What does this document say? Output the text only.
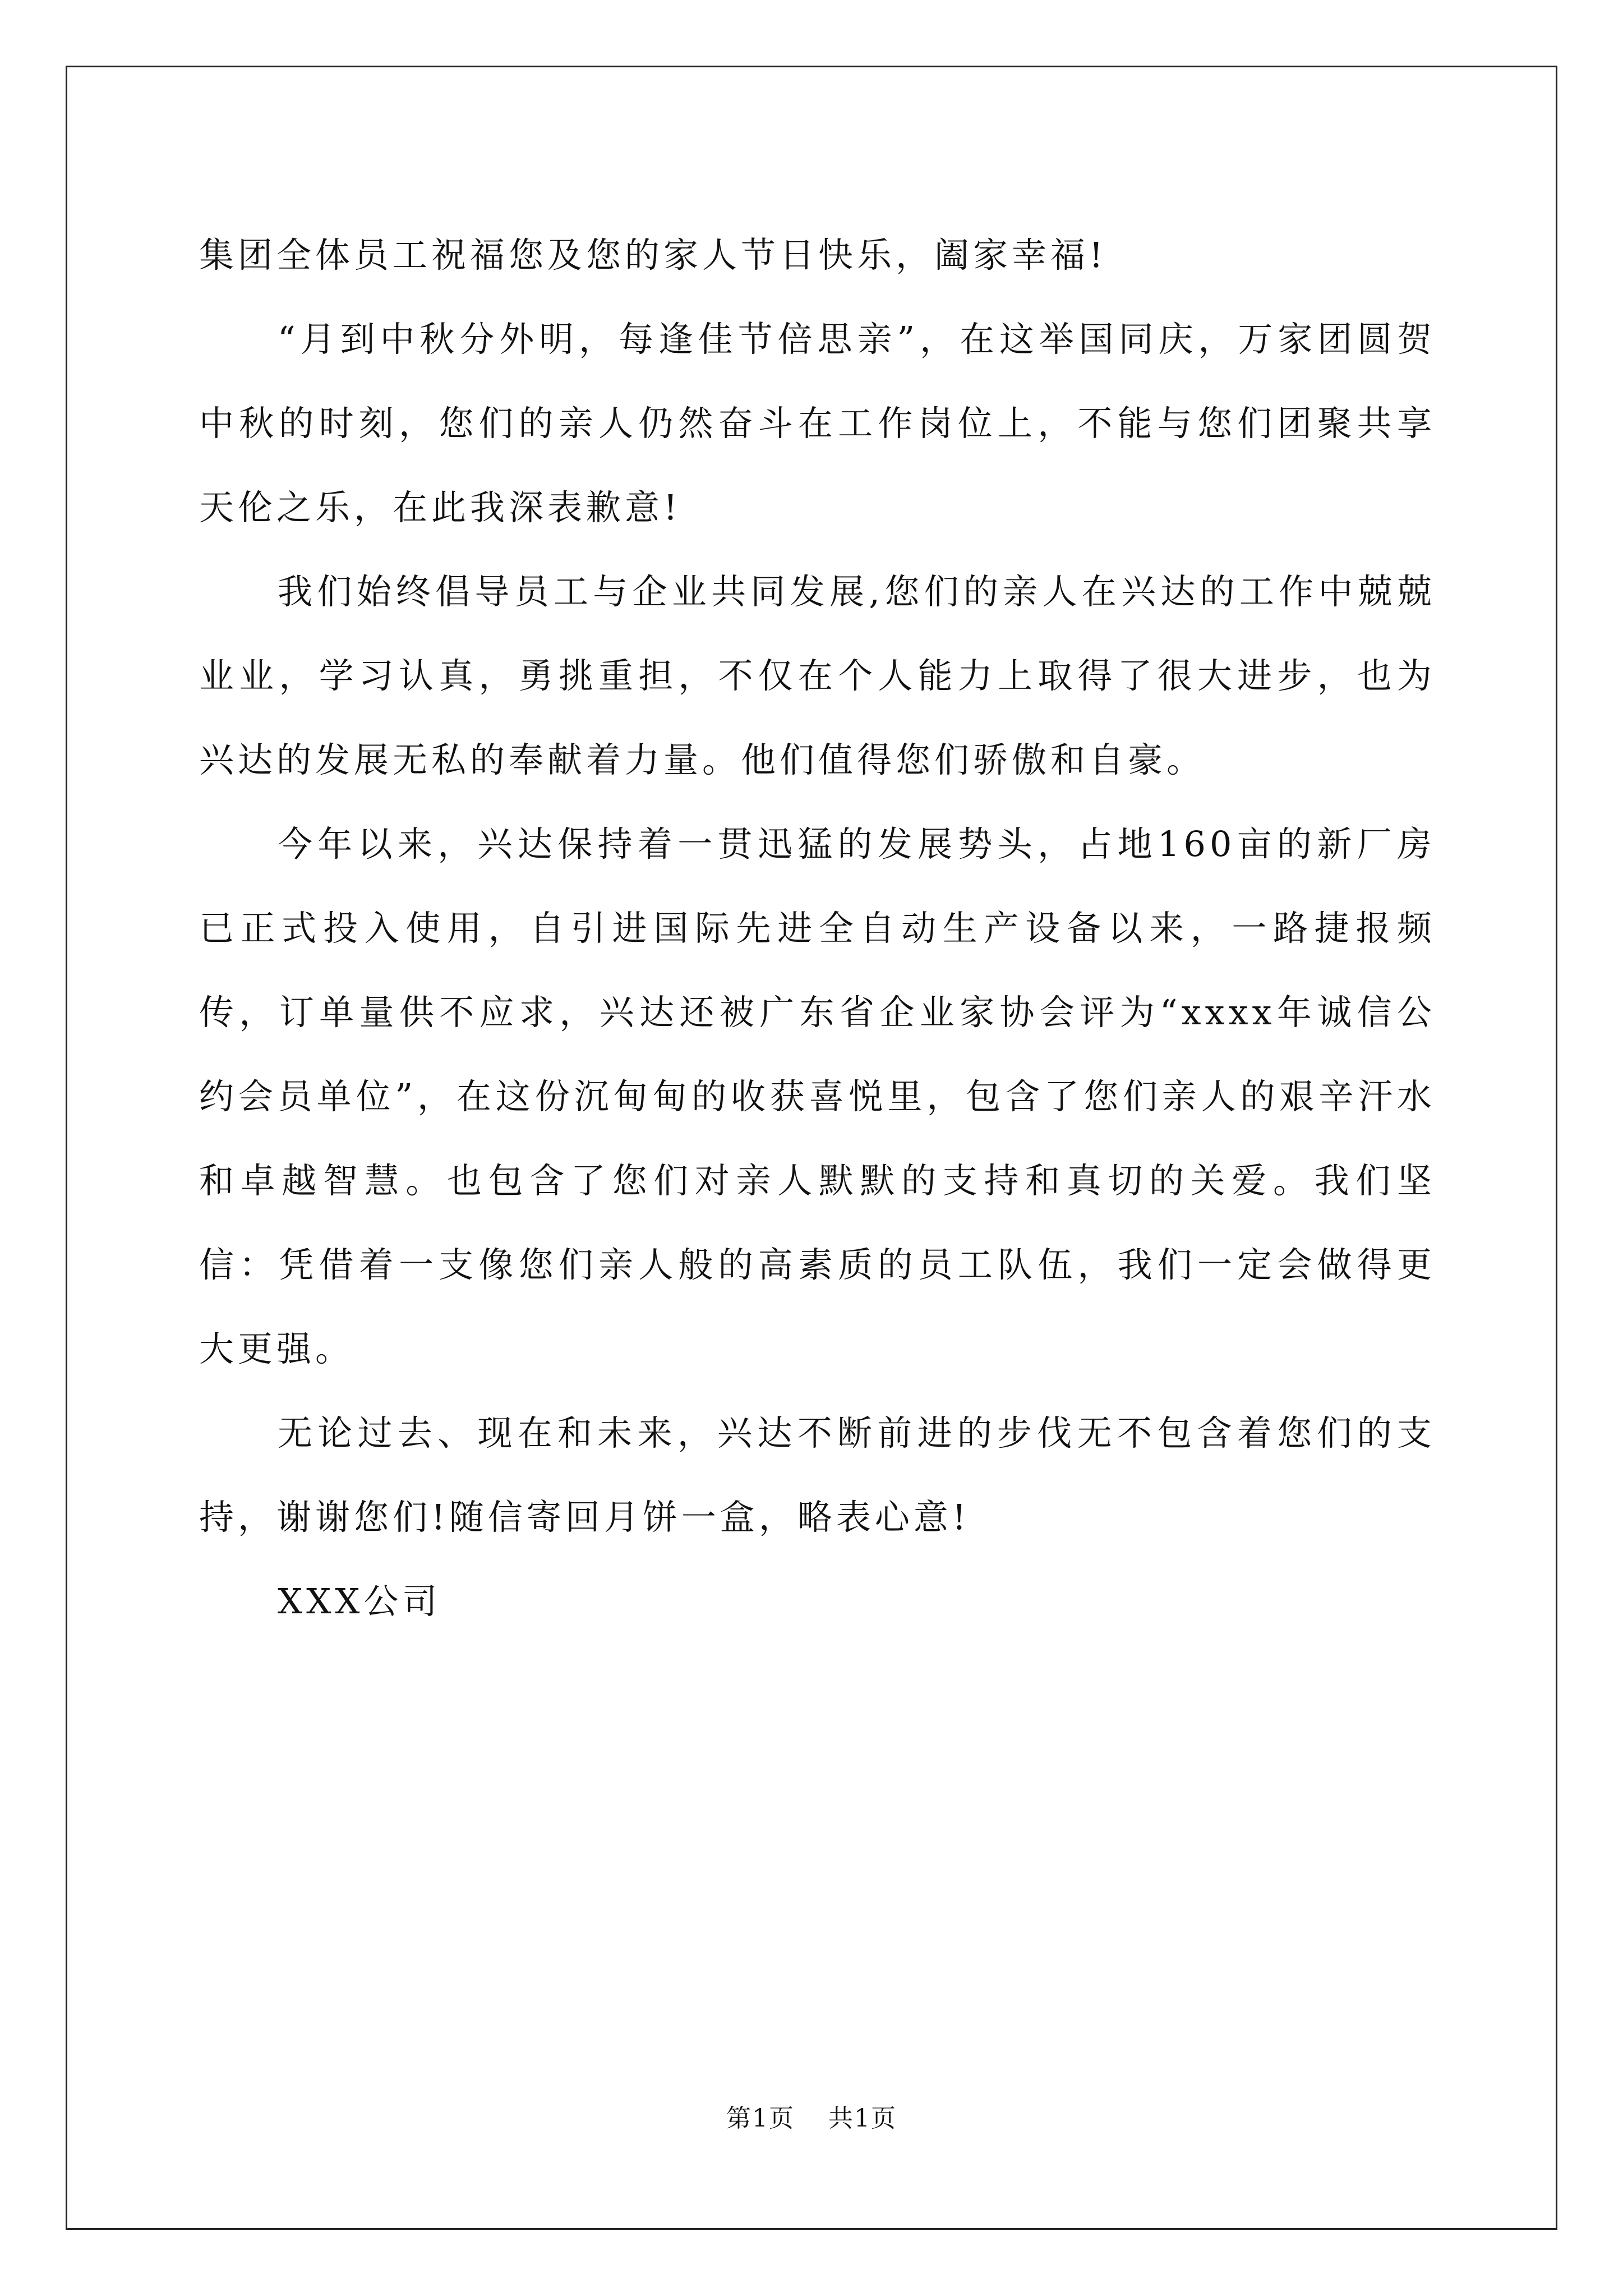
集团全体员工祝福您及您的家人节日快乐，阖家幸福!

“月到中秋分外明，每逢佳节倍思亲”，在这举国同庆，万家团圆贺中秋的时刻，您们的亲人仍然奋斗在工作岗位上，不能与您们团聚共享天伦之乐，在此我深表歉意!

我们始终倡导员工与企业共同发展,您们的亲人在兴达的工作中兢兢业业，学习认真，勇挑重担，不仅在个人能力上取得了很大进步，也为兴达的发展无私的奉献着力量。他们值得您们骄傲和自豪。

今年以来，兴达保持着一贯迅猛的发展势头，占地160亩的新厂房已正式投入使用，自引进国际先进全自动生产设备以来，一路捷报频传，订单量供不应求，兴达还被广东省企业家协会评为“xxxx年诚信公约会员单位”，在这份沉甸甸的收获喜悦里，包含了您们亲人的艰辛汗水和卓越智慧。也包含了您们对亲人默默的支持和真切的关爱。我们坚信：凭借着一支像您们亲人般的高素质的员工队伍，我们一定会做得更大更强。

无论过去、现在和未来，兴达不断前进的步伐无不包含着您们的支持，谢谢您们!随信寄回月饼一盒，略表心意!

XXX公司

第1页 共1页
